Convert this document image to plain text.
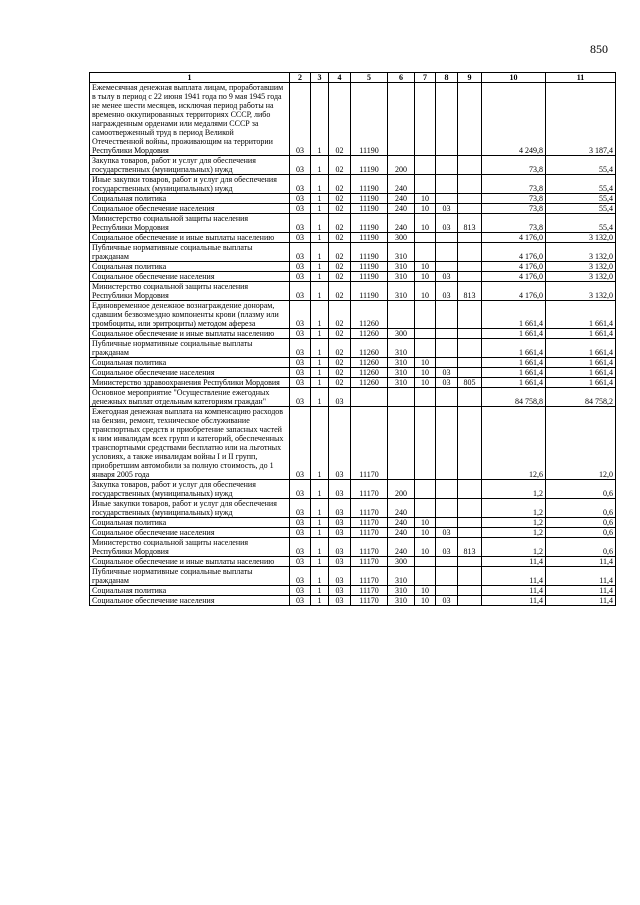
850
1	2	3	4	5	6	7	8	9	10	11
Ежемесячная денежная выплата лицам, проработавшим в тылу в период с 22 июня 1941 года по 9 мая 1945 года не менее шести месяцев, исключая период работы на временно оккупированных территориях СССР, либо награжденным орденами или медалями СССР за самоотверженный труд в период Великой Отечественной войны, проживающим на территории Республики Мордовия	03	1	02	11190					4 249,8	3 187,4
Закупка товаров, работ и услуг для обеспечения государственных (муниципальных) нужд	03	1	02	11190	200				73,8	55,4
Иные закупки товаров, работ и услуг для обеспечения государственных (муниципальных) нужд	03	1	02	11190	240				73,8	55,4
Социальная политика	03	1	02	11190	240	10			73,8	55,4
Социальное обеспечение населения	03	1	02	11190	240	10	03		73,8	55,4
Министерство социальной защиты населения Республики Мордовия	03	1	02	11190	240	10	03	813	73,8	55,4
Социальное обеспечение и иные выплаты населению	03	1	02	11190	300				4 176,0	3 132,0
Публичные нормативные социальные выплаты гражданам	03	1	02	11190	310				4 176,0	3 132,0
Социальная политика	03	1	02	11190	310	10			4 176,0	3 132,0
Социальное обеспечение населения	03	1	02	11190	310	10	03		4 176,0	3 132,0
Министерство социальной защиты населения Республики Мордовия	03	1	02	11190	310	10	03	813	4 176,0	3 132,0
Единовременное денежное вознаграждение донорам, сдавшим безвозмездно компоненты крови (плазму или тромбоциты, или эритроциты) методом афереза	03	1	02	11260					1 661,4	1 661,4
Социальное обеспечение и иные выплаты населению	03	1	02	11260	300				1 661,4	1 661,4
Публичные нормативные социальные выплаты гражданам	03	1	02	11260	310				1 661,4	1 661,4
Социальная политика	03	1	02	11260	310	10			1 661,4	1 661,4
Социальное обеспечение населения	03	1	02	11260	310	10	03		1 661,4	1 661,4
Министерство здравоохранения Республики Мордовия	03	1	02	11260	310	10	03	805	1 661,4	1 661,4
Основное мероприятие "Осуществление ежегодных денежных выплат отдельным категориям граждан"	03	1	03						84 758,8	84 758,2
Ежегодная денежная выплата на компенсацию расходов на бензин, ремонт, техническое обслуживание транспортных средств и приобретение запасных частей к ним инвалидам всех групп и категорий, обеспеченных транспортными средствами бесплатно или на льготных условиях, а также инвалидам войны I и II групп, приобретшим автомобили за полную стоимость, до 1 января 2005 года	03	1	03	11170					12,6	12,0
Закупка товаров, работ и услуг для обеспечения государственных (муниципальных) нужд	03	1	03	11170	200				1,2	0,6
Иные закупки товаров, работ и услуг для обеспечения государственных (муниципальных) нужд	03	1	03	11170	240				1,2	0,6
Социальная политика	03	1	03	11170	240	10			1,2	0,6
Социальное обеспечение населения	03	1	03	11170	240	10	03		1,2	0,6
Министерство социальной защиты населения Республики Мордовия	03	1	03	11170	240	10	03	813	1,2	0,6
Социальное обеспечение и иные выплаты населению	03	1	03	11170	300				11,4	11,4
Публичные нормативные социальные выплаты гражданам	03	1	03	11170	310				11,4	11,4
Социальная политика	03	1	03	11170	310	10			11,4	11,4
Социальное обеспечение населения	03	1	03	11170	310	10	03		11,4	11,4
